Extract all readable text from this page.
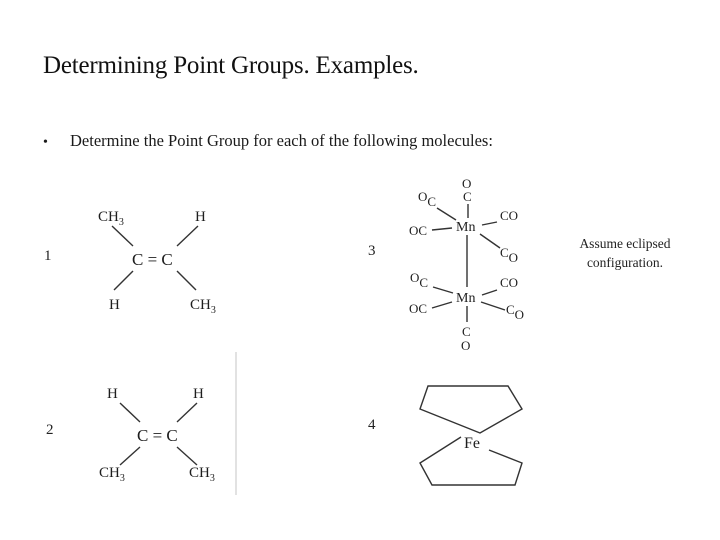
Determining Point Groups. Examples.
•	Determine the Point Group for each of the following molecules:
1
2
3
4
Assume eclipsed configuration.
$CH_3$	H
C = C
H	$CH_3$
H	H
C = C
$CH_3$	$CH_3$
O
C
Mn
OC
OC
CO
CO
Mn
OC
OC
CO
CO
C
O
Fe
